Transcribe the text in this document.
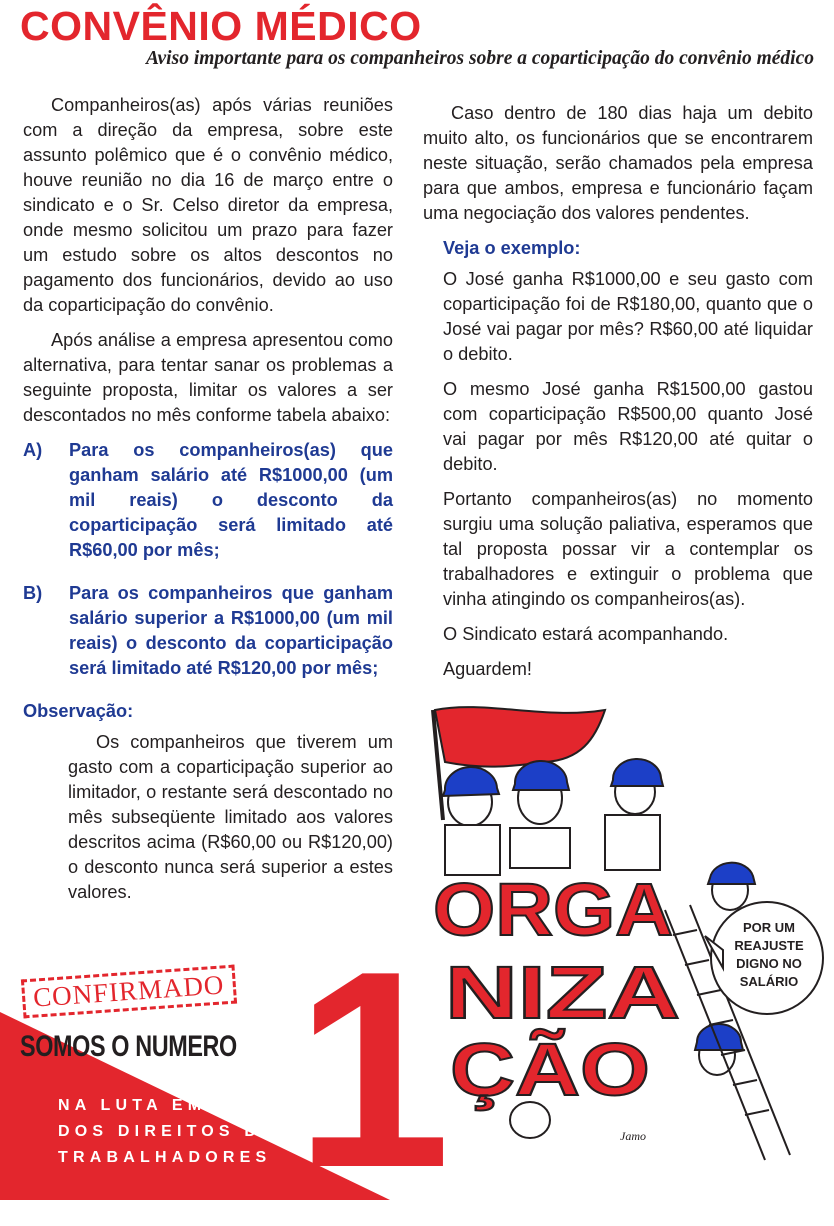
CONVÊNIO MÉDICO
Aviso importante para os companheiros sobre a coparticipação do convênio médico

Companheiros(as) após várias reuniões com a direção da empresa, sobre este assunto polêmico que é o convênio médico, houve reunião no dia 16 de março entre o sindicato e o Sr. Celso diretor da empresa, onde mesmo solicitou um prazo para fazer um estudo sobre os altos descontos no pagamento dos funcionários, devido ao uso da coparticipação do convênio.

Após análise a empresa apresentou como alternativa, para tentar sanar os problemas a seguinte proposta, limitar os valores a ser descontados no mês conforme tabela abaixo:

A)	Para os companheiros(as) que ganham salário até R$1000,00 (um mil reais) o desconto da coparticipação será limitado até R$60,00 por mês;
B)	Para os companheiros que ganham salário superior a R$1000,00 (um mil reais) o desconto da coparticipação será limitado até R$120,00 por mês;
Observação:

Os companheiros que tiverem um gasto com a coparticipação superior ao limitador, o restante será descontado no mês subseqüente limitado aos valores descritos acima (R$60,00 ou R$120,00) o desconto nunca será superior a estes valores.

Caso dentro de 180 dias haja um debito muito alto, os funcionários que se encontrarem neste situação, serão chamados pela empresa para que ambos, empresa e funcionário façam uma negociação dos valores pendentes.

Veja o exemplo:

O José ganha R$1000,00 e seu gasto com coparticipação foi de R$180,00, quanto que o José vai pagar por mês? R$60,00 até liquidar o debito.

O mesmo José ganha R$1500,00 gastou com coparticipação R$500,00 quanto José vai pagar por mês R$120,00 até quitar o debito.

Portanto companheiros(as) no momento surgiu uma solução paliativa, esperamos que tal proposta possar vir a contemplar os trabalhadores e extinguir o problema que vinha atingindo os companheiros(as).

O Sindicato estará acompanhando.

Aguardem!

1
CONFIRMADO
SOMOS O NUMERO
NA LUTA EM DEFESA
DOS DIREITOS DOS
TRABALHADORES
ORGA
NIZA
ÇÃO
POR UM
REAJUSTE
DIGNO NO
SALÁRIO
Jamo
